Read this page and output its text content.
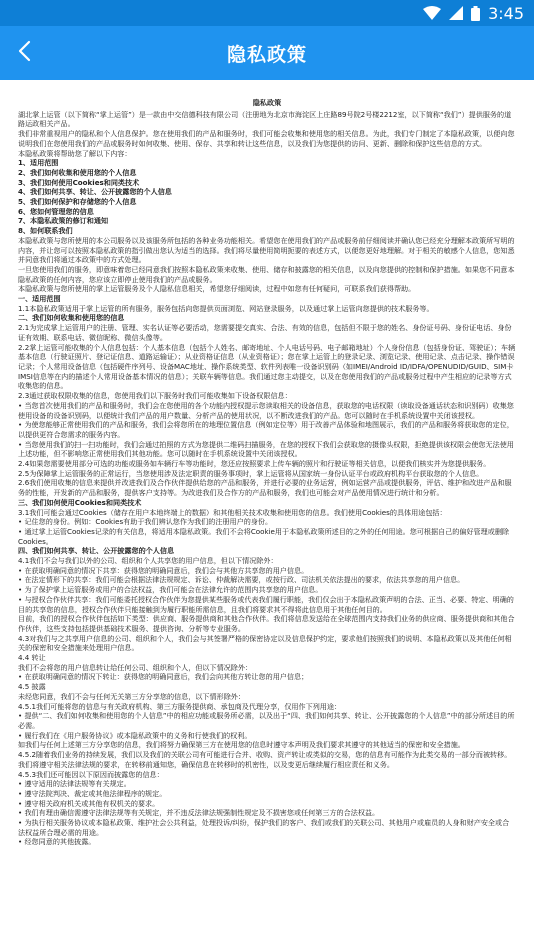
3:45
隐私政策
隐私政策

湖北掌上运管（以下简称“掌上运管”）是一款由中交信德科技有限公司（注册地为北京市海淀区上庄路89号院2号楼2212室，以下简称“我们”）提供服务的道路运政相关产品。

我们非常重视用户的隐私和个人信息保护。您在使用我们的产品和服务时，我们可能会收集和使用您的相关信息。为此，我们专门制定了本隐私政策，以便向您说明我们在您使用我们的产品或服务时如何收集、使用、保存、共享和转让这些信息，以及我们为您提供的访问、更新、删除和保护这些信息的方式。

本隐私政策将帮助您了解以下内容：

1、适用范围

2、我们如何收集和使用您的个人信息

3、我们如何使用Cookies和同类技术

4、我们如何共享、转让、公开披露您的个人信息

5、我们如何保护和存储您的个人信息

6、您如何管理您的信息

7、本隐私政策的修订和通知

8、如何联系我们

本隐私政策与您所使用的本公司服务以及该服务所包括的各种业务功能相关。希望您在使用我们的产品或服务前仔细阅读并确认您已经充分理解本政策所写明的内容，并让您可以按照本隐私政策的指引做出您认为适当的选择。我们将尽量使用简明扼要的表述方式，以便您更好地理解。对于相关的敏感个人信息，您知悉并同意我们将通过本政策中的方式处理。

一旦您使用我们的服务，即意味着您已经同意我们按照本隐私政策来收集、使用、储存和披露您的相关信息，以及向您提供的控制和保护措施。如果您不同意本隐私政策的任何内容，您应该立即停止使用我们的产品或服务。

本隐私政策与您所使用的掌上运管服务及个人隐私信息相关，希望您仔细阅读，过程中如您有任何疑问，可联系我们获得帮助。

一、适用范围

1.1本隐私政策适用于掌上运管的所有服务，服务包括向您提供页面浏览、网站登录服务，以及通过掌上运管向您提供的技术服务等。

二、我们如何收集和使用您的信息

2.1为完成掌上运管用户的注册、管理、实名认证等必要活动，您需要提交真实、合法、有效的信息，包括但不限于您的姓名、身份证号码、身份证电话、身份证有效期、联系电话、微信昵称、微信头像等。

2.2掌上运管可能收集的个人信息包括：个人基本信息（包括个人姓名、邮寄地址、个人电话号码、电子邮箱地址）个人身份信息（包括身份证、驾驶证）；车辆基本信息（行驶证照片、登记证信息、道路运输证）；从业资格证信息（从业资格证）；您在掌上运管上的登录记录、浏览记录、使用记录、点击记录、操作错误记录；个人常用设备信息（包括硬件序列号、设备MAC地址、操作系统类型、软件列表唯一设备识别码（如IMEI/Android ID/IDFA/OPENUDID/GUID、SIM卡IMSI信息等在内的描述个人常用设备基本情况的信息）；关联车辆等信息。我们通过您主动提交，以及在您使用我们的产品或服务过程中产生相应的记录等方式收集您的信息。

2.3通过获取权限收集的信息，您使用我们以下服务时我们可能收集如下设备权限信息：

• 当您首次使用我们的产品和服务时，我们会在您使用的各个功能内授权提示您读取相关的设备信息，获取您的电话权限（读取设备通话状态和识别码）收集您使用设备的设备识别码，以便统计我们产品的用户数量、分析产品的使用状况，以不断改进我们的产品。您可以随时在手机系统设置中关闭该授权。

• 为使您能够正常使用我们的产品和服务，我们会将您所在的地理位置信息（例如定位等）用于改善产品体验和地图展示，我们的产品和服务将获取您的定位，以提供更符合您需求的服务内容。

• 当您使用我们的扫一扫功能时，我们会通过拍照的方式为您提供二维码扫描服务，在您的授权下我们会获取您的摄像头权限，拒绝提供该权限会使您无法使用上述功能，但不影响您正常使用我们其他功能。您可以随时在手机系统设置中关闭该授权。

2.4如果您需要使用部分可选的功能或服务如车辆行车等功能时，您还应按照要求上传车辆的照片和行驶证等相关信息，以便我们核实并为您提供服务。

2.5为保障掌上运管服务的正常运行，当您使用涉及法定职责的服务事项时，掌上运管将从国家统一身份认证平台或政府机构平台获取您的个人信息。

2.6我们使用收集的信息来提供并改进我们及合作伙伴提供给您的产品和服务，并进行必要的业务运营，例如运营产品或提供服务，评估、维护和改进产品和服务的性能，开发新的产品和服务，提供客户支持等。为改进我们及合作方的产品和服务，我们也可能会对产品使用情况进行统计和分析。

三、我们如何使用Cookies和同类技术

3.1我们可能会通过Cookies（储存在用户本地终端上的数据）和其他相关技术收集和使用您的信息。我们使用Cookies的具体用途包括：

• 记住您的身份。例如：Cookies有助于我们辨认您作为我们的注册用户的身份。

• 通过掌上运管Cookies记录的有关信息，将适用本隐私政策。我们不会将Cookie用于本隐私政策所述目的之外的任何用途。您可根据自己的偏好管理或删除Cookies。

四、我们如何共享、转让、公开披露您的个人信息

4.1我们不会与我们以外的公司、组织和个人共享您的用户信息，但以下情况除外：

• 在获取明确同意的情况下共享：获得您的明确同意后，我们会与其他方共享您的用户信息。

• 在法定情形下的共享：我们可能会根据法律法规规定、诉讼、仲裁解决需要，或按行政、司法机关依法提出的要求，依法共享您的用户信息。

• 为了保护掌上运管服务或用户的合法权益，我们可能会在法律允许的范围内共享您的用户信息。

• 与授权合作伙伴共享：我们可能委托授权合作伙伴为您提供某些服务或代表我们履行职能，我们仅会出于本隐私政策声明的合法、正当、必要、特定、明确的目的共享您的信息，授权合作伙伴只能接触到为履行职能所需信息，且我们将要求其不得将此信息用于其他任何目的。

目前，我们的授权合作伙伴包括如下类型：供应商、服务提供商和其他合作伙伴。我们将信息发送给在全球范围内支持我们业务的供应商、服务提供商和其他合作伙伴，这些支持包括提供基础技术服务、提供咨询、分析等专业服务。

4.3对我们与之共享用户信息的公司、组织和个人，我们会与其签署严格的保密协定以及信息保护约定，要求他们按照我们的说明、本隐私政策以及其他任何相关的保密和安全措施来处理用户信息。

4.4 转让

我们不会将您的用户信息转让给任何公司、组织和个人，但以下情况除外：

• 在获取明确同意的情况下转让：获得您的明确同意后，我们会向其他方转让您的用户信息；

4.5 披露

未经您同意，我们不会与任何无关第三方分享您的信息，以下情形除外：

4.5.1我们可能将您的信息与有关政府机构、第三方服务提供商、承包商及代理分享，仅用作下列用途：

• 提供“二、我们如何收集和使用您的个人信息”中的相应功能或服务所必需，以及出于“四、我们如何共享、转让、公开披露您的个人信息”中的部分所述目的所必需。

• 履行我们在《用户服务协议》或本隐私政策中的义务和行使我们的权利。

如我们与任何上述第三方分享您的信息，我们将努力确保第三方在使用您的信息时遵守本声明及我们要求其遵守的其他适当的保密和安全措施。

4.5.2随着我们业务的持续发展，我们以及我们的关联公司有可能进行合并、收购、资产转让或类似的交易，您的信息有可能作为此类交易的一部分而被转移。我们将遵守相关法律法规的要求，在转移前通知您，确保信息在转移时的机密性，以及变更后继续履行相应责任和义务。

4.5.3我们还可能因以下原因而披露您的信息：

• 遵守适用的法律法规等有关规定。

• 遵守法院判决、裁定或其他法律程序的规定。

• 遵守相关政府机关或其他有权机关的要求。

• 我们有理由确信需遵守法律法规等有关规定，并不违反法律法规强制性规定及不损害您或任何第三方的合法权益。

• 为执行相关服务协议或本隐私政策、维护社会公共利益，处理投诉/纠纷，保护我们的客户、我们或我们的关联公司、其他用户或雇员的人身和财产安全或合法权益所合理必需的用途。

• 经您同意的其他披露。
